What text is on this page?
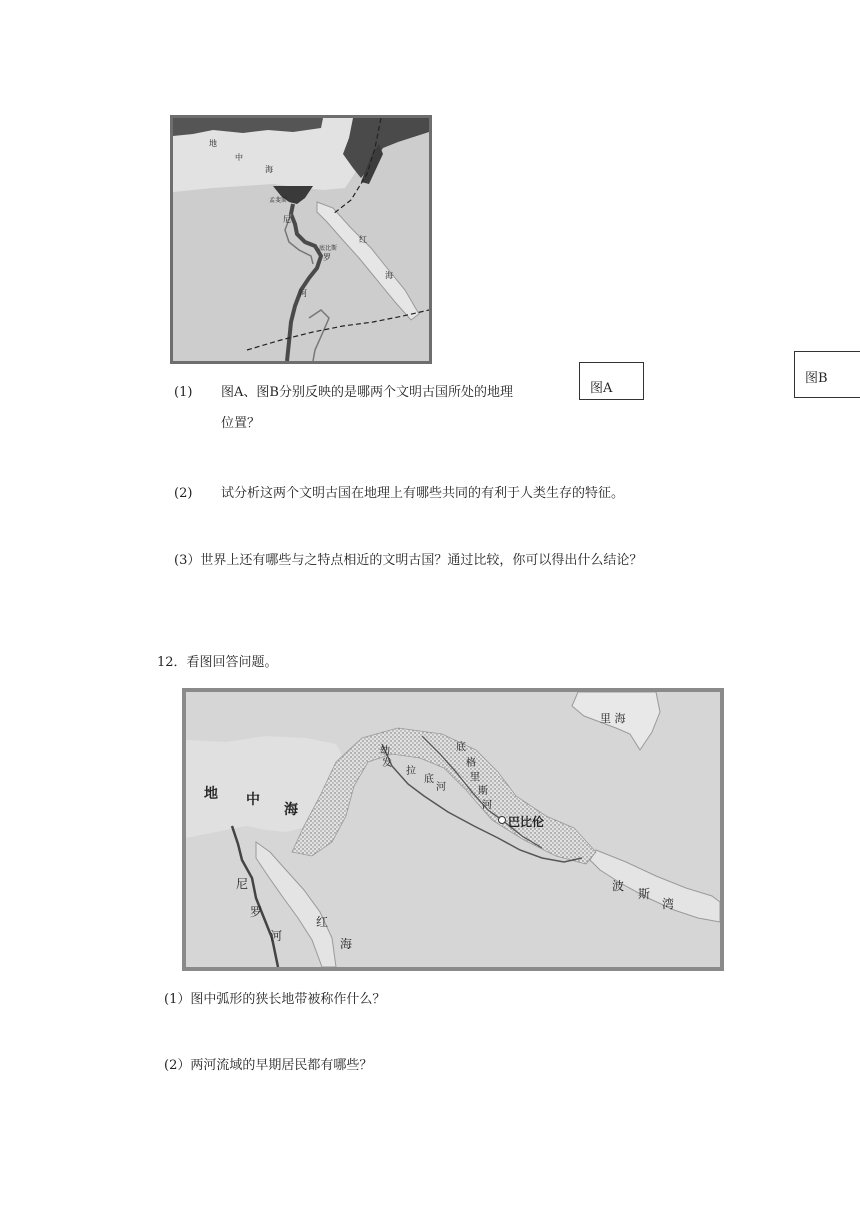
地
中
海
孟斐斯
底比斯
尼
罗
河
红
海
图A
图B
(1) 图A、图B分别反映的是哪两个文明古国所处的地理
位置？
(2) 试分析这两个文明古国在地理上有哪些共同的有利于人类生存的特征。
(3）世界上还有哪些与之特点相近的文明古国？通过比较，你可以得出什么结论？
12．看图回答问题。
里 海
地 中
海
幼
发
拉
底
河
底
格
里
斯
河
巴比伦
波
斯
湾
尼
罗
河
红
海
(1）图中弧形的狭长地带被称作什么？
(2）两河流域的早期居民都有哪些？
